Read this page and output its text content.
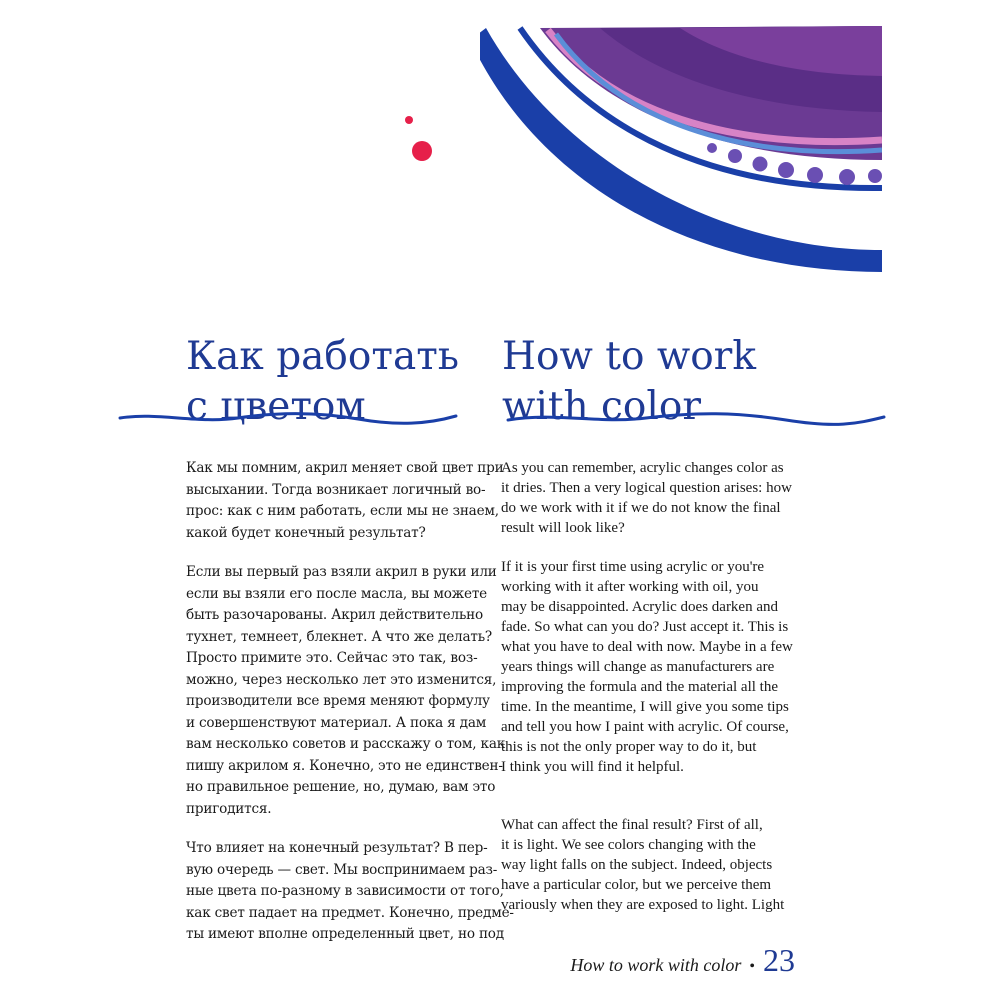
Как работать
с цветом
How to work
with color

Как мы помним, акрил меняет свой цвет при
высыхании. Тогда возникает логичный во-
прос: как с ним работать, если мы не знаем,
какой будет конечный результат?

Если вы первый раз взяли акрил в руки или
если вы взяли его после масла, вы можете
быть разочарованы. Акрил действительно
тухнет, темнеет, блекнет. А что же делать?
Просто примите это. Сейчас это так, воз-
можно, через несколько лет это изменится,
производители все время меняют формулу
и совершенствуют материал. А пока я дам
вам несколько советов и расскажу о том, как
пишу акрилом я. Конечно, это не единствен-
но правильное решение, но, думаю, вам это
пригодится.

Что влияет на конечный результат? В пер-
вую очередь — свет. Мы воспринимаем раз-
ные цвета по-разному в зависимости от того,
как свет падает на предмет. Конечно, предме-
ты имеют вполне определенный цвет, но под

As you can remember, acrylic changes color as
it dries. Then a very logical question arises: how
do we work with it if we do not know the final
result will look like?

If it is your first time using acrylic or you're
working with it after working with oil, you
may be disappointed. Acrylic does darken and
fade. So what can you do? Just accept it. This is
what you have to deal with now. Maybe in a few
years things will change as manufacturers are
improving the formula and the material all the
time. In the meantime, I will give you some tips
and tell you how I paint with acrylic. Of course,
this is not the only proper way to do it, but
I think you will find it helpful.

What can affect the final result? First of all,
it is light. We see colors changing with the
way light falls on the subject. Indeed, objects
have a particular color, but we perceive them
variously when they are exposed to light. Light

How to work with color • 23
